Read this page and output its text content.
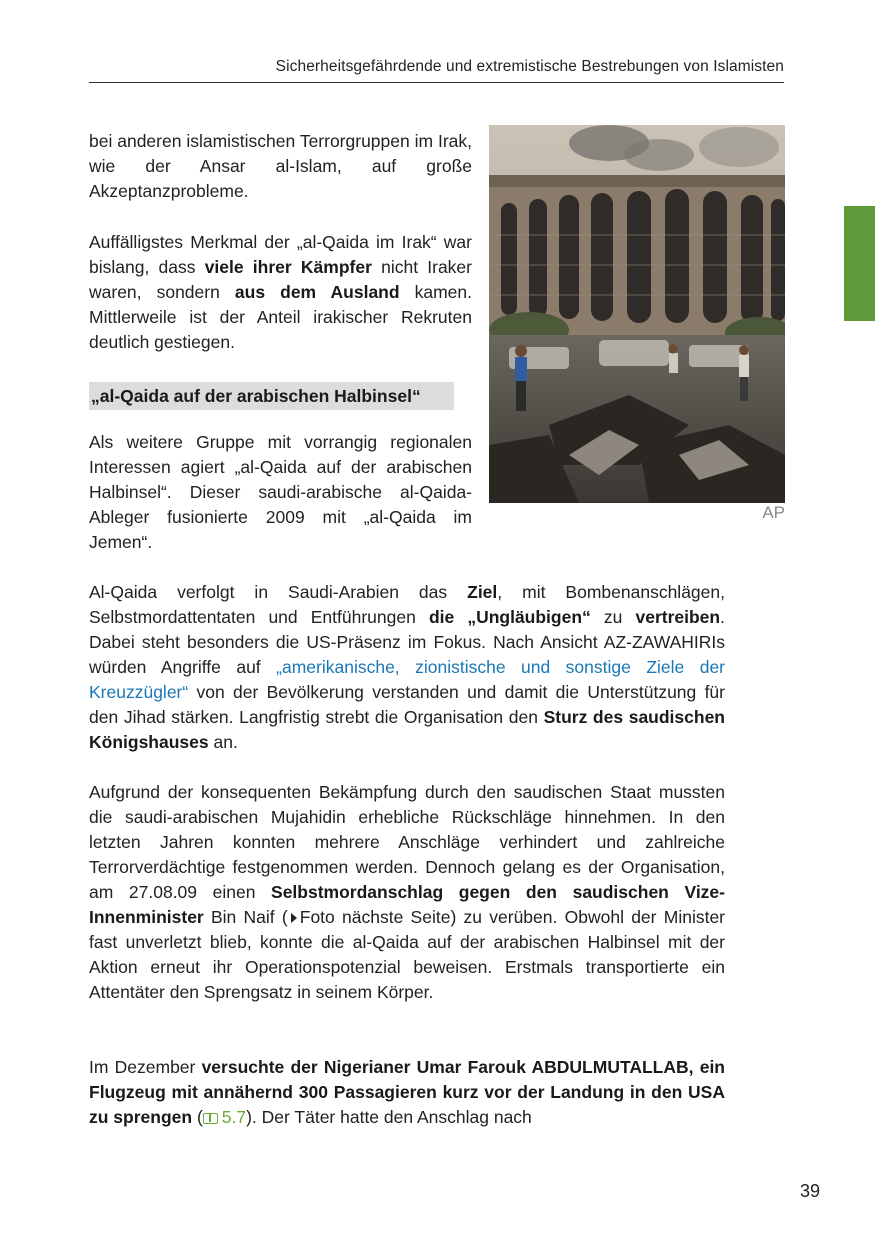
Sicherheitsgefährdende und extremistische Bestrebungen von Islamisten
AP

bei anderen islamistischen Terrorgruppen im Irak, wie der Ansar al-Islam, auf große Akzeptanzprobleme.

Auffälligstes Merkmal der „al-Qaida im Irak“ war bislang, dass viele ihrer Kämpfer nicht Iraker waren, sondern aus dem Ausland kamen. Mittlerweile ist der Anteil irakischer Rekruten deutlich gestiegen.

„al-Qaida auf der arabischen Halbinsel“

Als weitere Gruppe mit vorrangig regionalen Interessen agiert „al-Qaida auf der arabischen Halbinsel“. Dieser saudi-arabische al-Qaida-Ableger fusionierte 2009 mit „al-Qaida im Jemen“.

Al-Qaida verfolgt in Saudi-Arabien das Ziel, mit Bombenanschlägen, Selbstmordattentaten und Entführungen die „Ungläubigen“ zu vertreiben. Dabei steht besonders die US-Präsenz im Fokus. Nach Ansicht AZ-ZAWAHIRIs würden Angriffe auf „amerikanische, zionistische und sonstige Ziele der Kreuzzügler“ von der Bevölkerung verstanden und damit die Unterstützung für den Jihad stärken. Langfristig strebt die Organisation den Sturz des saudischen Königshauses an.

Aufgrund der konsequenten Bekämpfung durch den saudischen Staat mussten die saudi-arabischen Mujahidin erhebliche Rückschläge hinnehmen. In den letzten Jahren konnten mehrere Anschläge verhindert und zahlreiche Terrorverdächtige festgenommen werden. Dennoch gelang es der Organisation, am 27.08.09 einen Selbstmordanschlag gegen den saudischen Vize-Innenminister Bin Naif ( Foto nächste Seite) zu verüben. Obwohl der Minister fast unverletzt blieb, konnte die al-Qaida auf der arabischen Halbinsel mit der Aktion erneut ihr Operationspotenzial beweisen. Erstmals transportierte ein Attentäter den Sprengsatz in seinem Körper.

Im Dezember versuchte der Nigerianer Umar Farouk ABDULMUTALLAB, ein Flugzeug mit annähernd 300 Passagieren kurz vor der Landung in den USA zu sprengen ( 5.7). Der Täter hatte den Anschlag nach

39
